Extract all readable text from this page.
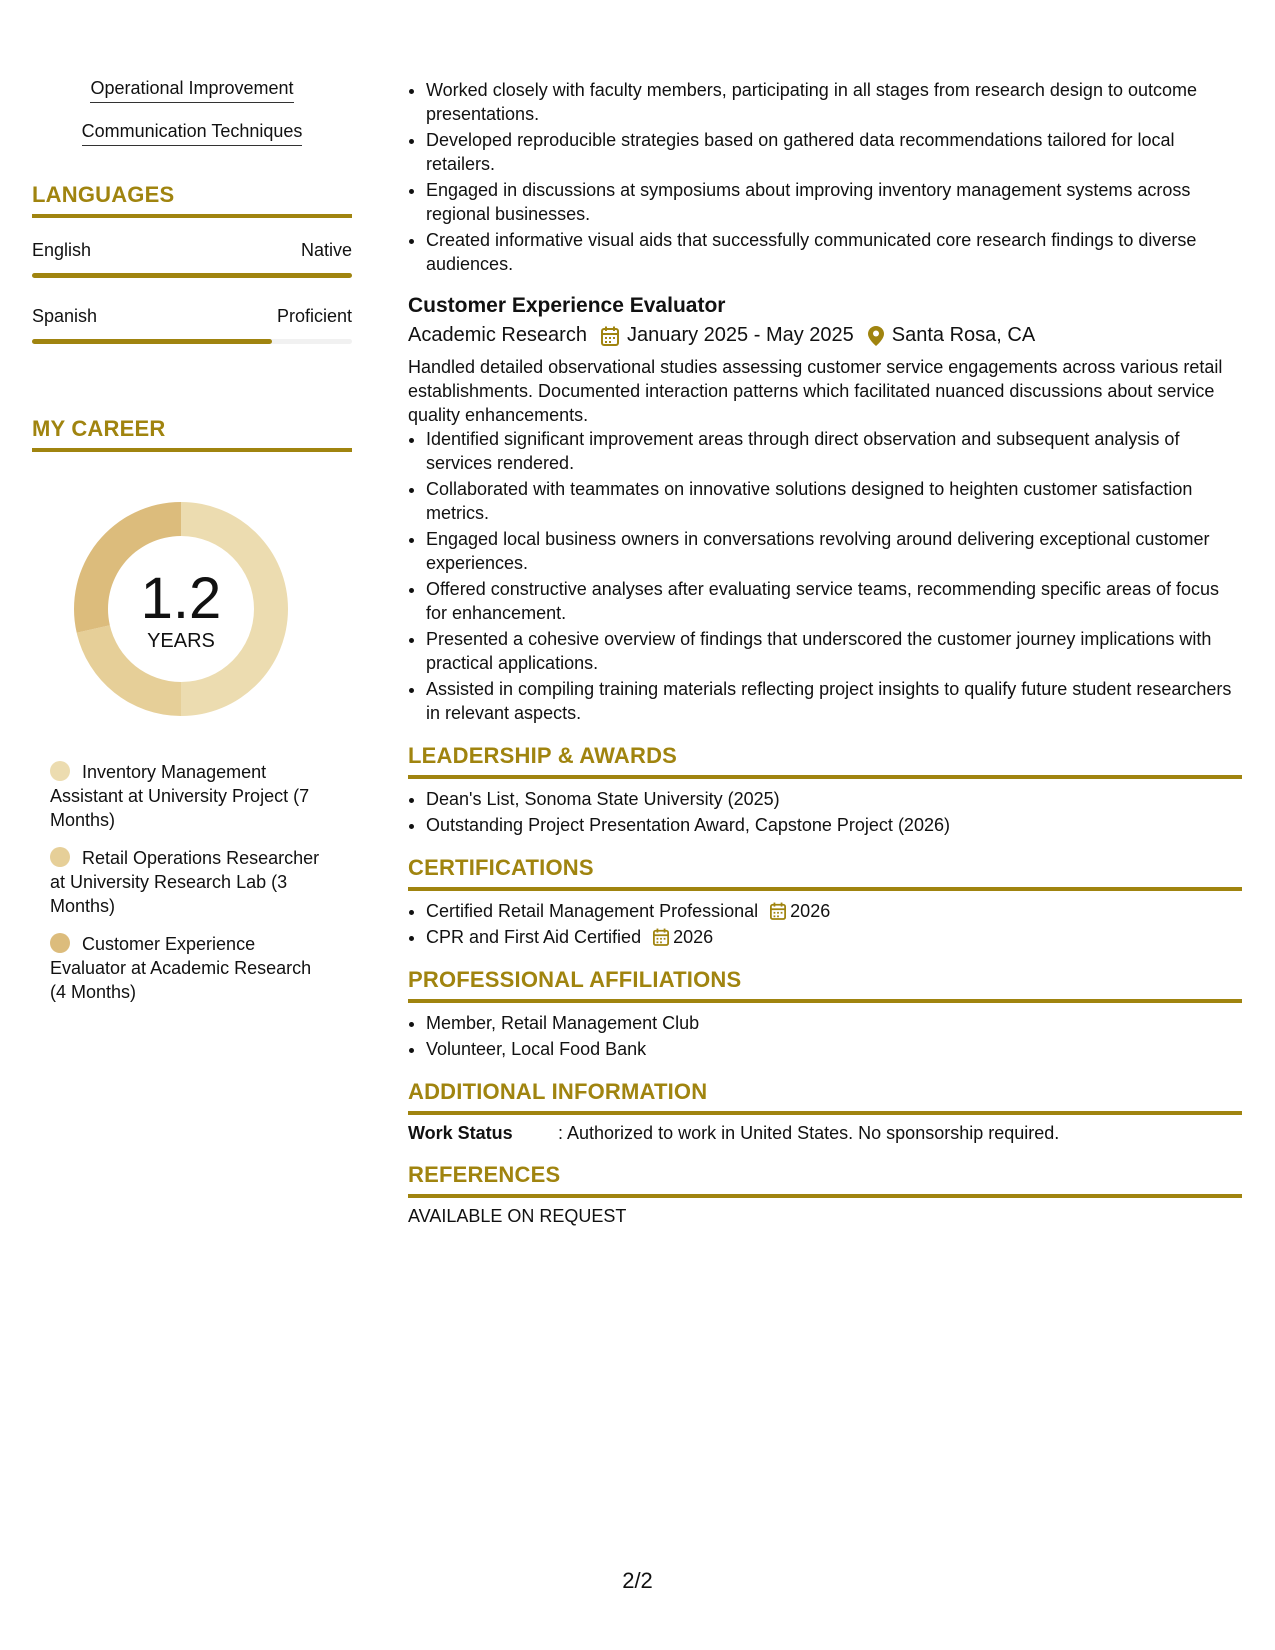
Operational Improvement
Communication Techniques
LANGUAGES
English	Native
Spanish	Proficient
MY CAREER
1.2
YEARS
Inventory Management Assistant at University Project (7 Months)
Retail Operations Researcher at University Research Lab (3 Months)
Customer Experience Evaluator at Academic Research (4 Months)
• Worked closely with faculty members, participating in all stages from research design to outcome presentations.
• Developed reproducible strategies based on gathered data recommendations tailored for local retailers.
• Engaged in discussions at symposiums about improving inventory management systems across regional businesses.
• Created informative visual aids that successfully communicated core research findings to diverse audiences.
Customer Experience Evaluator
Academic Research January 2025 - May 2025 Santa Rosa, CA
Handled detailed observational studies assessing customer service engagements across various retail establishments. Documented interaction patterns which facilitated nuanced discussions about service quality enhancements.
• Identified significant improvement areas through direct observation and subsequent analysis of services rendered.
• Collaborated with teammates on innovative solutions designed to heighten customer satisfaction metrics.
• Engaged local business owners in conversations revolving around delivering exceptional customer experiences.
• Offered constructive analyses after evaluating service teams, recommending specific areas of focus for enhancement.
• Presented a cohesive overview of findings that underscored the customer journey implications with practical applications.
• Assisted in compiling training materials reflecting project insights to qualify future student researchers in relevant aspects.
LEADERSHIP & AWARDS
• Dean's List, Sonoma State University (2025)
• Outstanding Project Presentation Award, Capstone Project (2026)
CERTIFICATIONS
• Certified Retail Management Professional 2026
• CPR and First Aid Certified 2026
PROFESSIONAL AFFILIATIONS
• Member, Retail Management Club
• Volunteer, Local Food Bank
ADDITIONAL INFORMATION
Work Status	: Authorized to work in United States. No sponsorship required.
REFERENCES
AVAILABLE ON REQUEST
2/2
